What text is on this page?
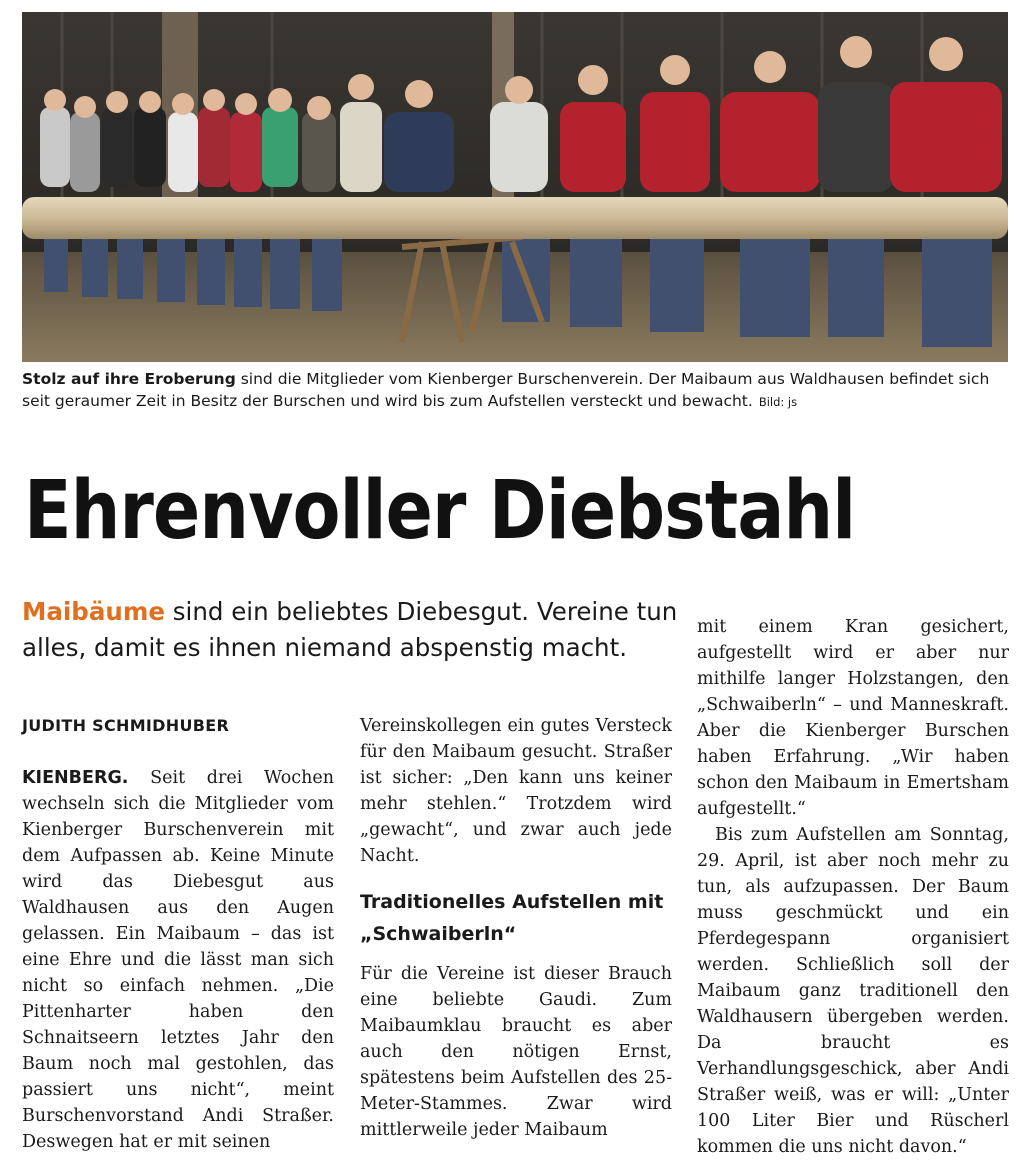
Stolz auf ihre Eroberung sind die Mitglieder vom Kienberger Burschenverein. Der Maibaum aus Waldhausen befindet sich seit geraumer Zeit in Besitz der Burschen und wird bis zum Aufstellen versteckt und bewacht. Bild: js
Ehrenvoller Diebstahl

Maibäume sind ein beliebtes Diebesgut. Vereine tun alles, damit es ihnen niemand abspenstig macht.

JUDITH SCHMIDHUBER

KIENBERG. Seit drei Wochen wechseln sich die Mitglieder vom Kienberger Burschenverein mit dem Aufpassen ab. Keine Minute wird das Diebesgut aus Waldhausen aus den Augen gelassen. Ein Maibaum – das ist eine Ehre und die lässt man sich nicht so einfach nehmen. „Die Pittenharter haben den Schnaitseern letztes Jahr den Baum noch mal gestohlen, das passiert uns nicht“, meint Burschenvorstand Andi Straßer. Deswegen hat er mit seinen

Vereinskollegen ein gutes Versteck für den Maibaum gesucht. Straßer ist sicher: „Den kann uns keiner mehr stehlen.“ Trotzdem wird „gewacht“, und zwar auch jede Nacht.

Traditionelles Aufstellen mit „Schwaiberln“

Für die Vereine ist dieser Brauch eine beliebte Gaudi. Zum Maibaumklau braucht es aber auch den nötigen Ernst, spätestens beim Aufstellen des 25-Meter-Stammes. Zwar wird mittlerweile jeder Maibaum

mit einem Kran gesichert, aufgestellt wird er aber nur mithilfe langer Holzstangen, den „Schwaiberln“ – und Manneskraft. Aber die Kienberger Burschen haben Erfahrung. „Wir haben schon den Maibaum in Emertsham aufgestellt.“

Bis zum Aufstellen am Sonntag, 29. April, ist aber noch mehr zu tun, als aufzupassen. Der Baum muss geschmückt und ein Pferdegespann organisiert werden. Schließlich soll der Maibaum ganz traditionell den Waldhausern übergeben werden. Da braucht es Verhandlungsgeschick, aber Andi Straßer weiß, was er will: „Unter 100 Liter Bier und Rüscherl kommen die uns nicht davon.“
